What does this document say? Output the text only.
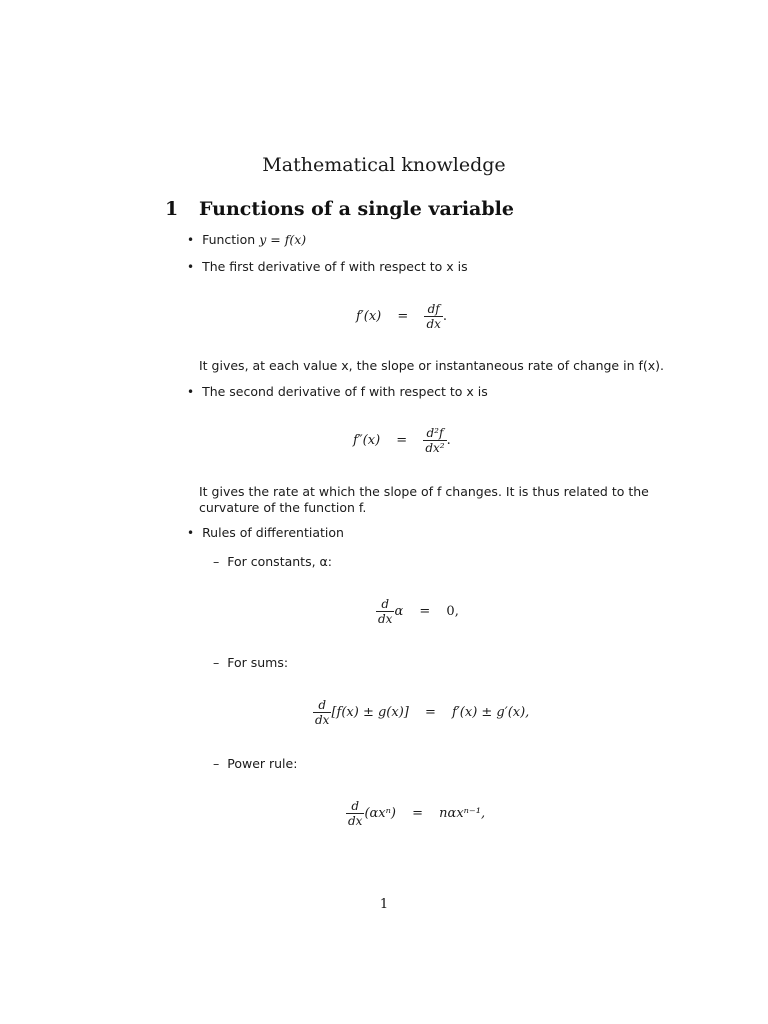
Mathematical knowledge
1 Functions of a single variable
• Function y = f(x)
• The first derivative of f with respect to x is
$f'(x) = \frac{df}{dx}$ .
It gives, at each value x, the slope or instantaneous rate of change in f(x).
• The second derivative of f with respect to x is
$f''(x) = \frac{\text{d²f}}{\text{dx²}}$ .
It gives the rate at which the slope of f changes. It is thus related to the
curvature of the function f.
• Rules of differentiation
– For constants, α:
$\frac{d}{dx}$ α = 0,
– For sums:
$\frac{d}{dx} [f(x) \pm g(x)] = f'(x) \pm g'(x)$,
– Power rule:
$\frac{d}{dx} (\alpha x^n) = n\alpha x^{n-1}$,
1
